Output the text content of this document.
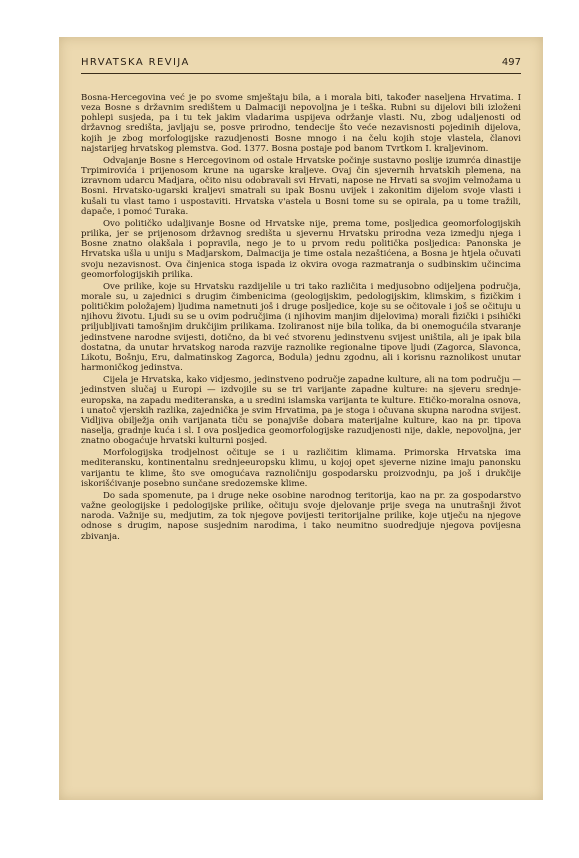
HRVATSKA REVIJA	497

Bosna-Hercegovina već je po svome smještaju bila, a i morala biti, također naseljena Hrvatima. I veza Bosne s državnim središtem u Dalmaciji nepovoljna je i teška. Rubni su dijelovi bili izloženi pohlepi susjeda, pa i tu tek jakim vladarima uspijeva održanje vlasti. Nu, zbog udaljenosti od državnog središta, javljaju se, posve prirodno, tendecije što veće nezavisnosti pojedinih dijelova, kojih je zbog morfologijske razudjenosti Bosne mnogo i na čelu kojih stoje vlastela, članovi najstarijeg hrvatskog plemstva. God. 1377. Bosna postaje pod banom Tvrtkom I. kraljevinom.

Odvajanje Bosne s Hercegovinom od ostale Hrvatske počinje sustavno poslije izumrća dinastije Trpimirovića i prijenosom krune na ugarske kraljeve. Ovaj čin sjevernih hrvatskih plemena, na izravnom udarcu Madjara, očito nisu odobravali svi Hrvati, napose ne Hrvati sa svojim velmožama u Bosni. Hrvatsko-ugarski kraljevi smatrali su ipak Bosnu uvijek i zakonitim dijelom svoje vlasti i kušali tu vlast tamo i uspostaviti. Hrvatska v'astela u Bosni tome su se opirala, pa u tome tražili, dapače, i pomoć Turaka.

Ovo političko udaljivanje Bosne od Hrvatske nije, prema tome, posljedica geomorfologijskih prilika, jer se prijenosom državnog središta u sjevernu Hrvatsku prirodna veza izmedju njega i Bosne znatno olakšala i popravila, nego je to u prvom redu politička posljedica: Panonska je Hrvatska ušla u uniju s Madjarskom, Dalmacija je time ostala nezaštićena, a Bosna je htjela očuvati svoju nezavisnost. Ova činjenica stoga ispada iz okvira ovoga razmatranja o sudbinskim učincima geomorfologijskih prilika.

Ove prilike, koje su Hrvatsku razdijelile u tri tako različita i medjusobno odijeljena područja, morale su, u zajednici s drugim čimbenicima (geologijskim, pedologijskim, klimskim, s fizičkim i političkim položajem) ljudima nametnuti još i druge posljedice, koje su se očitovale i još se očituju u njihovu životu. Ljudi su se u ovim područjima (i njihovim manjim dijelovima) morali fizički i psihički priljubljivati tamošnjim drukčijim prilikama. Izoliranost nije bila tolika, da bi onemogućila stvaranje jedinstvene narodne svijesti, dotično, da bi već stvorenu jedinstvenu svijest uništila, ali je ipak bila dostatna, da unutar hrvatskog naroda razvije raznolike regionalne tipove ljudi (Zagorca, Slavonca, Likotu, Bošnju, Eru, dalmatinskog Zagorca, Bodula) jednu zgodnu, ali i korisnu raznolikost unutar harmoničkog jedinstva.

Cijela je Hrvatska, kako vidjesmo, jedinstveno područje zapadne kulture, ali na tom području — jedinstven slučaj u Europi — izdvojile su se tri varijante zapadne kulture: na sjeveru srednje-europska, na zapadu mediteranska, a u sredini islamska varijanta te kulture. Etičko-moralna osnova, i unatoč vjerskih razlika, zajednička je svim Hrvatima, pa je stoga i očuvana skupna narodna svijest. Vidljiva obilježja onih varijanata tiču se ponajviše dobara materijalne kulture, kao na pr. tipova naselja, gradnje kuća i sl. I ova posljedica geomorfologijske razudjenosti nije, dakle, nepovoljna, jer znatno obogaćuje hrvatski kulturni posjed.

Morfologijska trodjelnost očituje se i u različitim klimama. Primorska Hrvatska ima mediteransku, kontinentalnu srednjeeuropsku klimu, u kojoj opet sjeverne nizine imaju panonsku varijantu te klime, što sve omogućava raznoličniju gospodarsku proizvodnju, pa još i drukčije iskorišćivanje posebno sunčane sredozemske klime.

Do sada spomenute, pa i druge neke osobine narodnog teritorija, kao na pr. za gospodarstvo važne geologijske i pedologijske prilike, očituju svoje djelovanje prije svega na unutrašnji život naroda. Važnije su, medjutim, za tok njegove povijesti teritorijalne prilike, koje utječu na njegove odnose s drugim, napose susjednim narodima, i tako neumitno suodredjuje njegova povijesna zbivanja.
